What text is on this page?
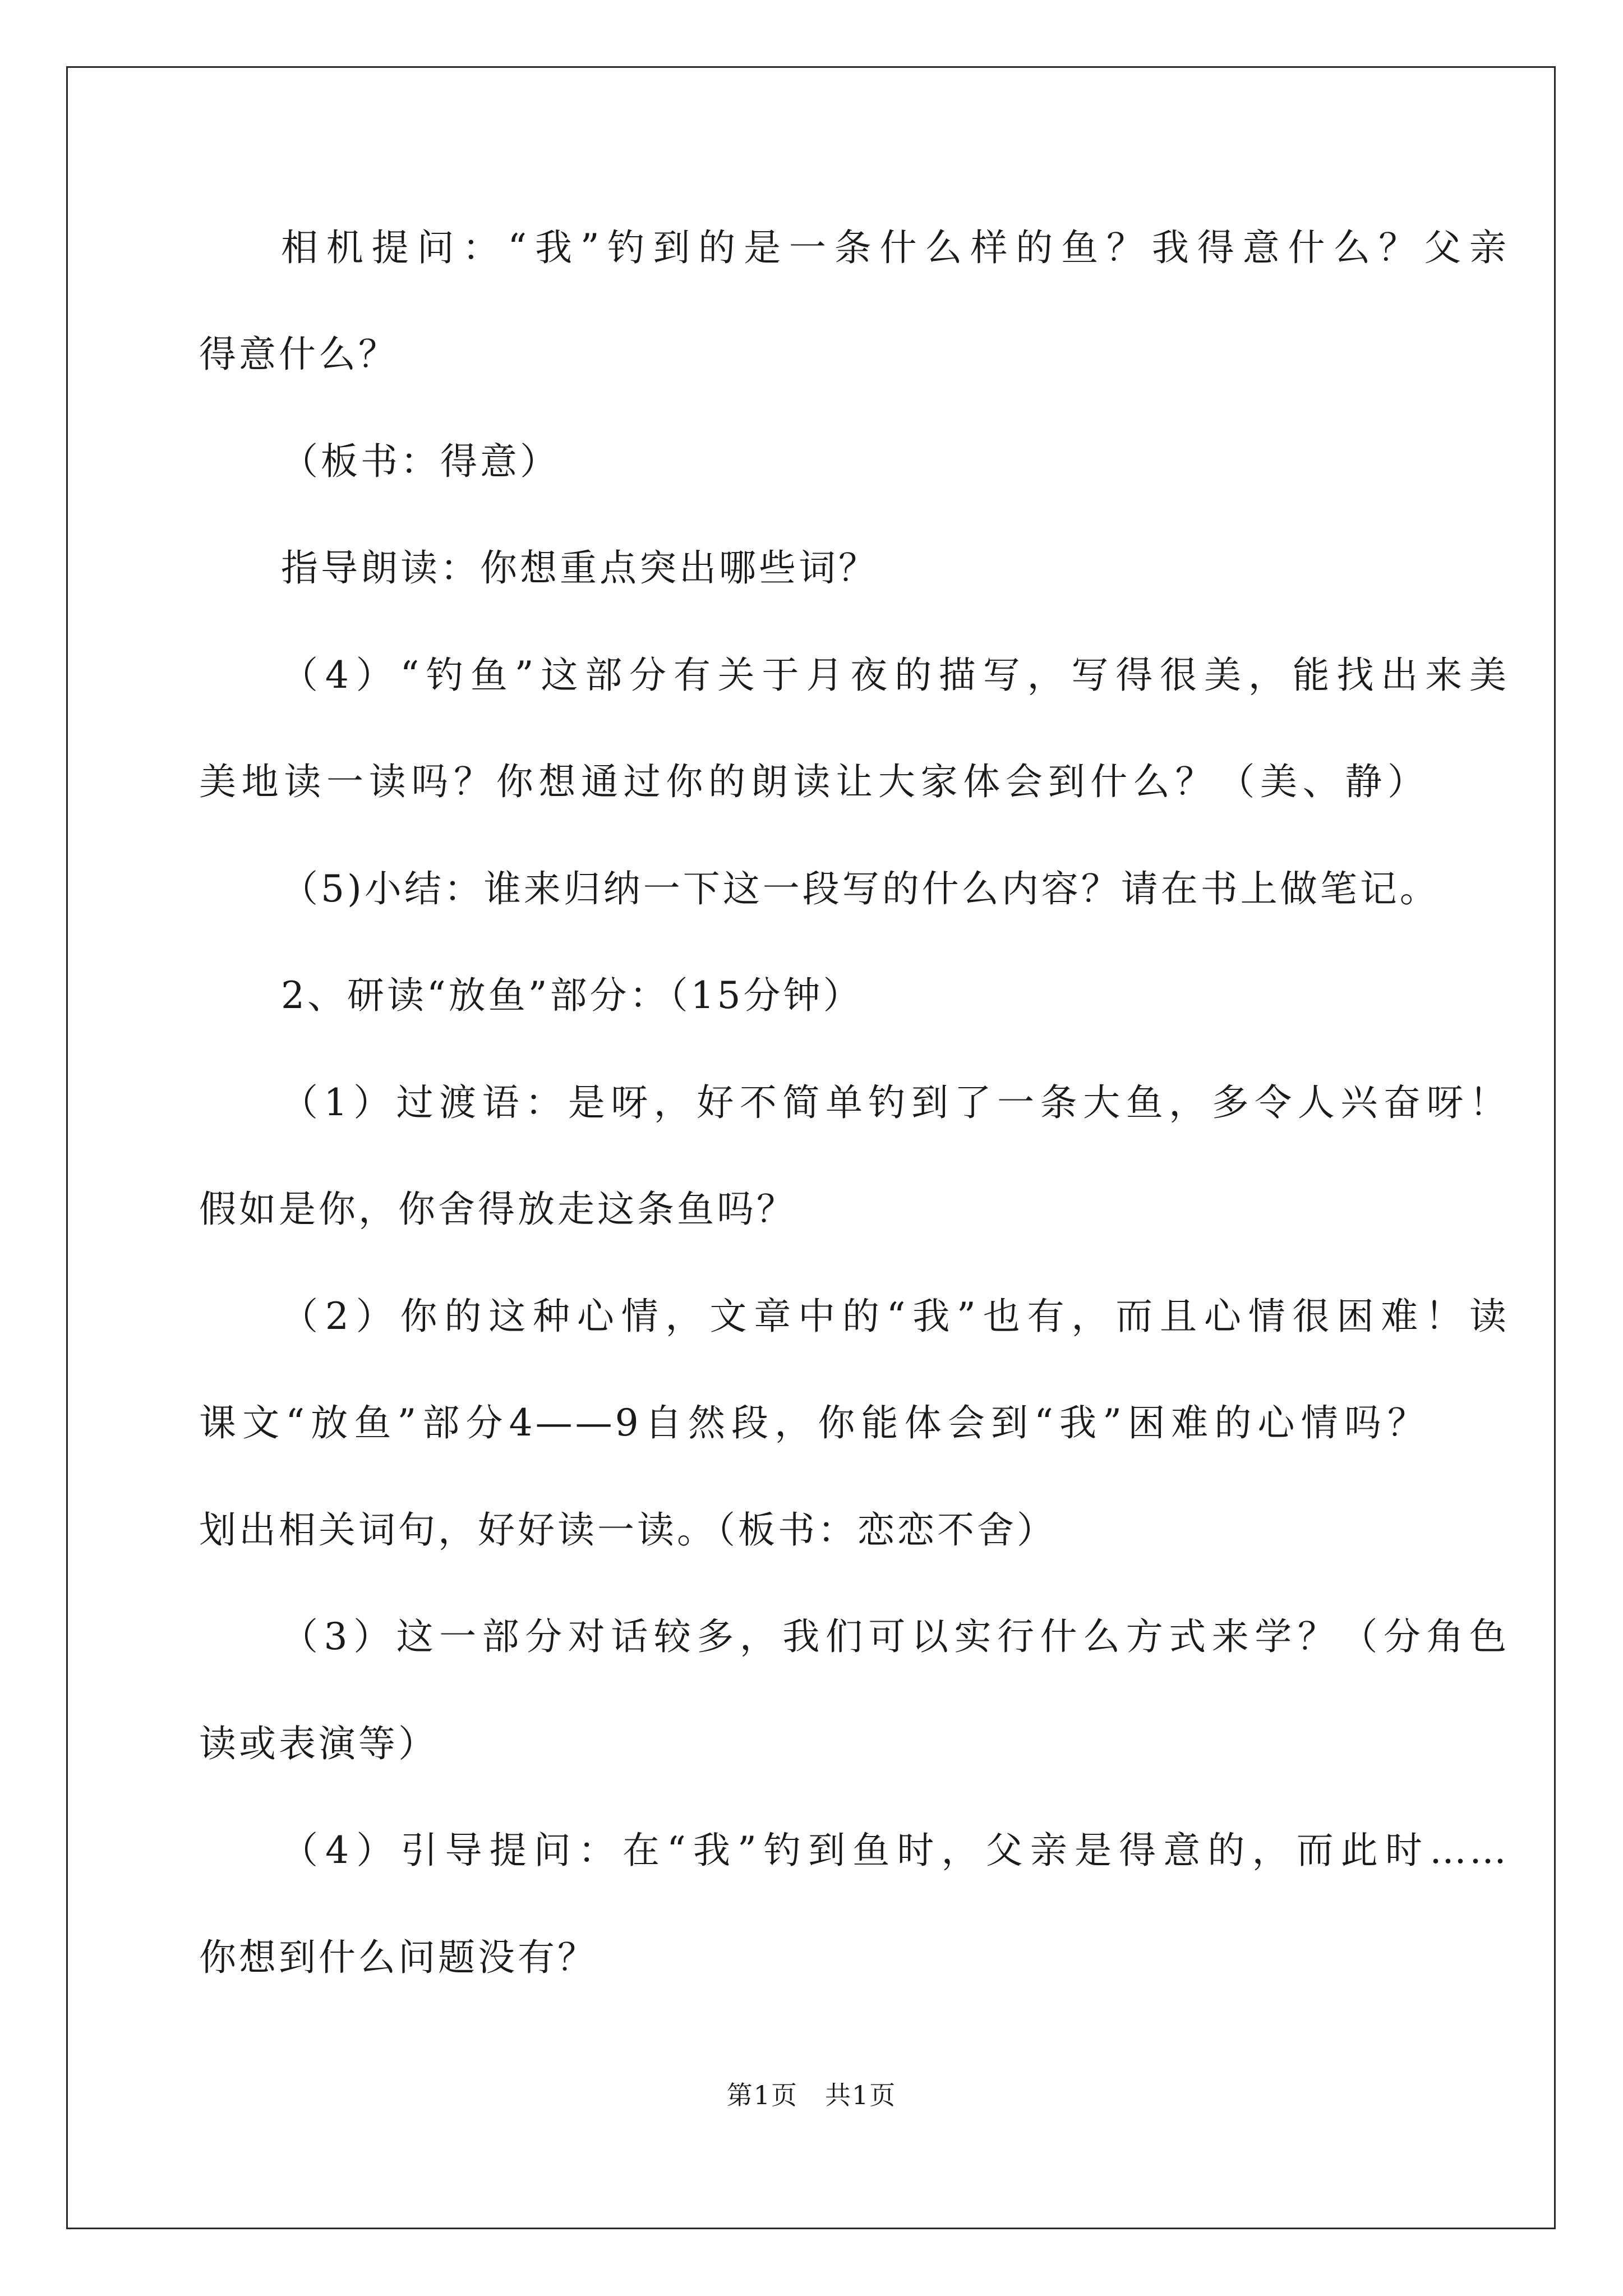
相机提问：“我”钓到的是一条什么样的鱼？我得意什么？父亲
得意什么？
（板书：得意）
指导朗读：你想重点突出哪些词？
（4）“钓鱼”这部分有关于月夜的描写，写得很美，能找出来美
美地读一读吗？你想通过你的朗读让大家体会到什么？（美、静）
（5)小结：谁来归纳一下这一段写的什么内容？请在书上做笔记。
2、研读“放鱼”部分：（15分钟）
（1）过渡语：是呀，好不简单钓到了一条大鱼，多令人兴奋呀！
假如是你，你舍得放走这条鱼吗？
（2）你的这种心情，文章中的“我”也有，而且心情很困难！读
课文“放鱼”部分4——9自然段，你能体会到“我”困难的心情吗？
划出相关词句，好好读一读。（板书：恋恋不舍）
（3）这一部分对话较多，我们可以实行什么方式来学？（分角色
读或表演等）
（4）引导提问：在“我”钓到鱼时，父亲是得意的，而此时……
你想到什么问题没有？
第1页　共1页
